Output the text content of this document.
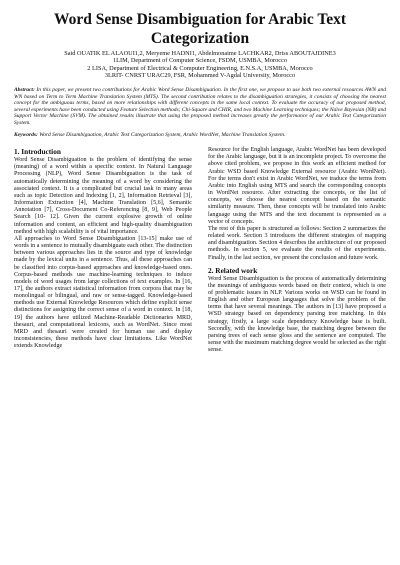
Word Sense Disambiguation for Arabic Text
Categorization
Said OUATIK EL ALAOUI1,2, Meryeme HADNI1, Abdelmonaime LACHKAR2, Driss ABOUTAJDINE3
1LIM, Department of Computer Science, FSDM, USMBA, Morocco
2 LISA, Department of Electrical & Computer Engineering, E.N.S.A, USMBA, Morocco
3LRIT- CNRST URAC29, FSR, Mohammed V-Agdal University, Morocco
Abstract: In this paper, we present two contributions for Arabic Word Sense Disambiguation. In the first one, we propose to use both two external resources AWN and WN based on Term to Term Machine Translation System (MTS). The second contribution relates to the disambiguation strategies, it consists of choosing the nearest concept for the ambiguous terms, based on more relationships with different concepts in the same local context. To evaluate the accuracy of our proposed method, several experiments have been conducted using Feature Selection methods; Chi-Square and CHIR, and two Machine Learning techniques; the Naïve Bayesian (NB) and Support Vector Machine (SVM). The obtained results illustrate that using the proposed method increases greatly the performance of our Arabic Text Categorization System.
Keywords: Word Sense Disambiguation, Arabic Text Categorization System, Arabic WordNet, Machine Translation System.
1. Introduction

Word Sense Disambiguation is the problem of identifying the sense (meaning) of a word within a specific context. In Natural Language Processing (NLP), Word Sense Disambiguation is the task of automatically determining the meaning of a word by considering the associated context. It is a complicated but crucial task in many areas such as topic Detection and Indexing [1, 2], Information Retrieval [3], Information Extraction [4], Machine Translation [5,6], Semantic Annotation [7], Cross-Document Co-Referencing [8, 9], Web People Search [10- 12]. Given the current explosive growth of online information and content, an efficient and high-quality disambiguation method with high scalability is of vital importance.

All approaches to Word Sense Disambiguation [13-15] make use of words in a sentence to mutually disambiguate each other. The distinction between various approaches lies in the source and type of knowledge made by the lexical units in a sentence. Thus, all these approaches can be classified into corpus-based approaches and knowledge-based ones. Corpus-based methods use machine-learning techniques to induce models of word usages from large collections of text examples. In [16, 17], the authors extract statistical information from corpora that may be monolingual or bilingual, and raw or sense-tagged. Knowledge-based methods use External Knowledge Resources which define explicit sense distinctions for assigning the correct sense of a word in context. In [18, 19] the authors have utilized Machine-Readable Dictionaries MRD, thesauri, and computational lexicons, such as WordNet. Since most MRD and thesauri were created for human use and display inconsistencies, these methods have clear limitations. Like WordNet extends Knowledge

Resource for the English language, Arabic WordNet has been developed for the Arabic language, but it is an incomplete project. To overcome the above cited problem, we propose in this work an efficient method for Arabic WSD based Knowledge External resource (Arabic WordNet). For the terms don't exist in Arabic WordNet, we traduce the terms from Arabic into English using MTS and search the corresponding concepts in WordNet resource. After extracting the concepts, or the list of concepts, we choose the nearest concept based on the semantic similarity measure. Then, these concepts will be translated into Arabic language using the MTS and the text document is represented as a vector of concepts.

The rest of this paper is structured as follows: Section 2 summarizes the related work. Section 3 introduces the different strategies of mapping and disambiguation. Section 4 describes the architecture of our proposed methods. In section 5, we evaluate the results of the experiments. Finally, in the last section, we present the conclusion and future work.

2. Related work

Word Sense Disambiguation is the process of automatically determining the meanings of ambiguous words based on their context, which is one of problematic issues in NLP. Various works on WSD can be found in English and other European languages that solve the problem of the terms that have several meanings. The authors in [13] have proposed a WSD strategy based on dependency parsing tree matching. In this strategy, firstly, a large scale dependency Knowledge base is built. Secondly, with the knowledge base, the matching degree between the parsing trees of each sense gloss and the sentence are computed. The sense with the maximum matching degree would be selected as the right sense.
